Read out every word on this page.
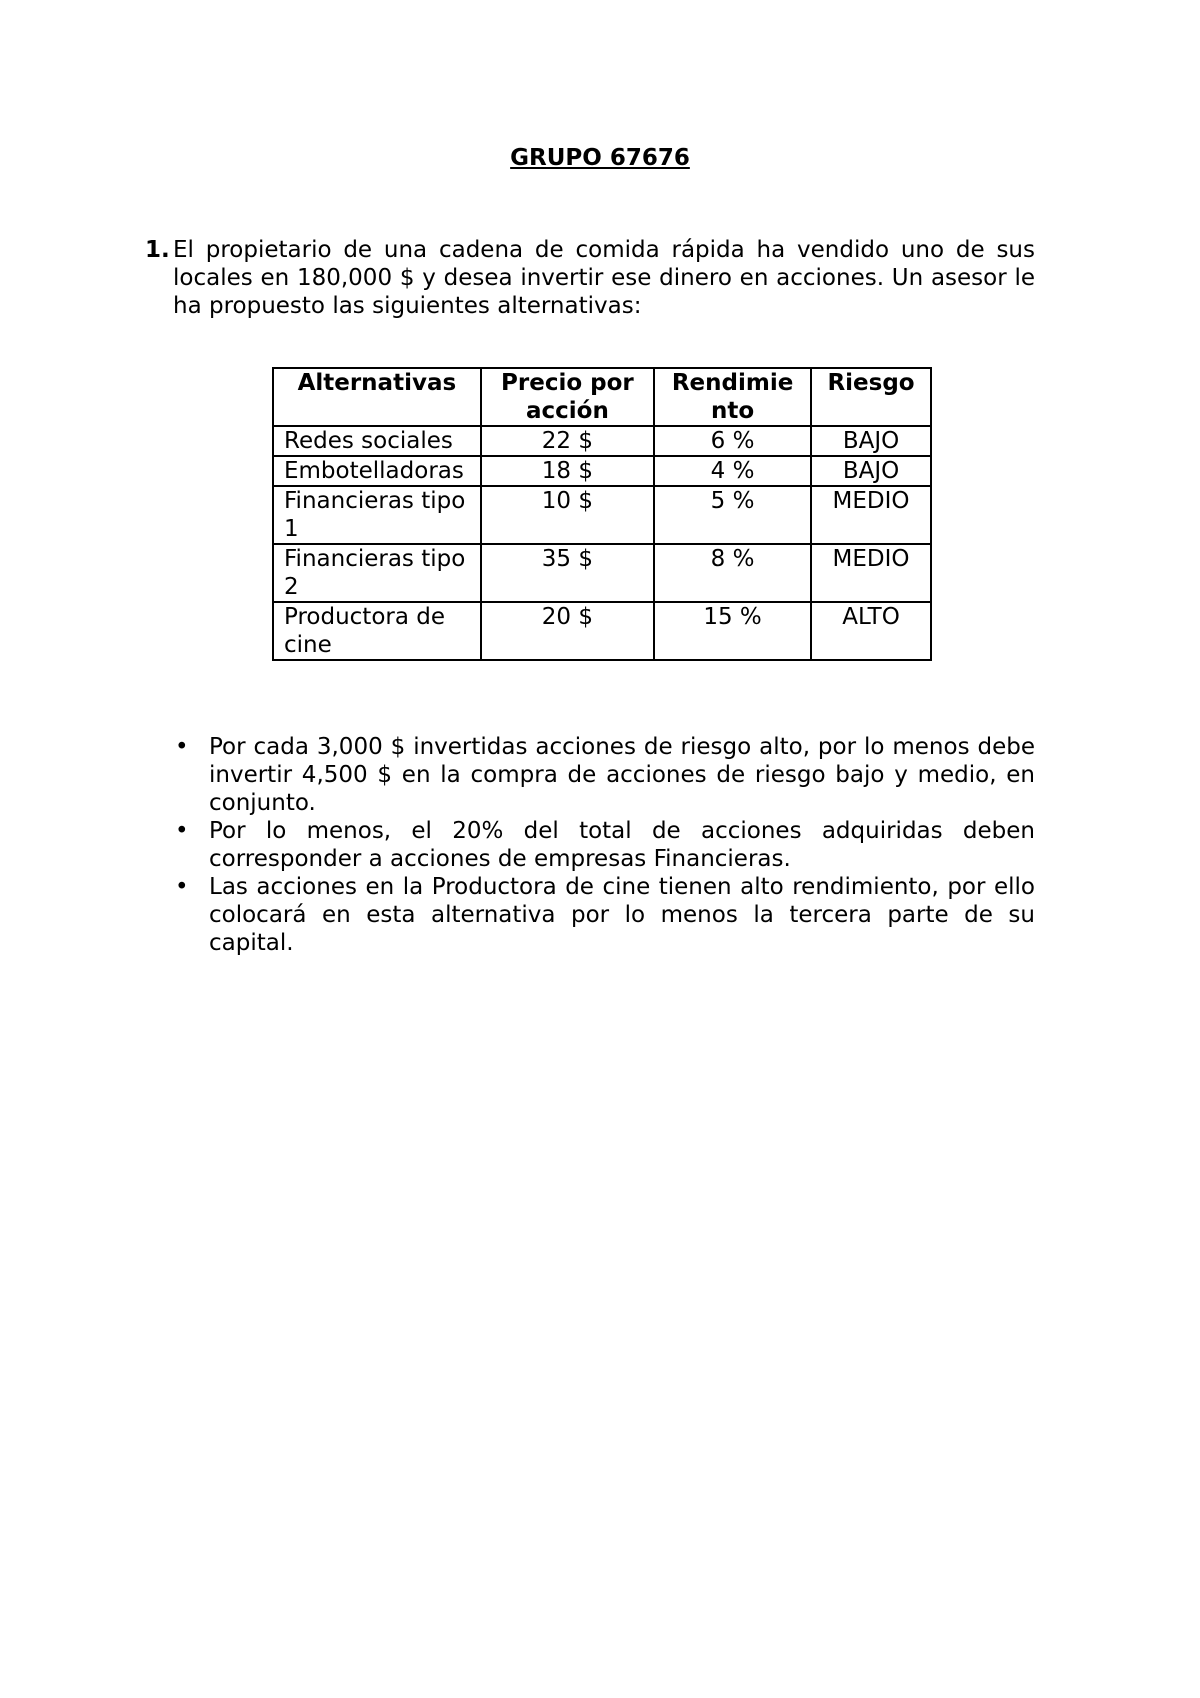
GRUPO 67676
1. El propietario de una cadena de comida rápida ha vendido uno de sus locales en 180,000 $ y desea invertir ese dinero en acciones. Un asesor le ha propuesto las siguientes alternativas:
Alternativas	Precio por acción	Rendimiento	Riesgo
Redes sociales	22 $	6 %	BAJO
Embotelladoras	18 $	4 %	BAJO
Financieras tipo 1	10 $	5 %	MEDIO
Financieras tipo 2	35 $	8 %	MEDIO
Productora de cine	20 $	15 %	ALTO
• Por cada 3,000 $ invertidas acciones de riesgo alto, por lo menos debe invertir 4,500 $ en la compra de acciones de riesgo bajo y medio, en conjunto.
• Por lo menos, el 20% del total de acciones adquiridas deben corresponder a acciones de empresas Financieras.
• Las acciones en la Productora de cine tienen alto rendimiento, por ello colocará en esta alternativa por lo menos la tercera parte de su capital.
